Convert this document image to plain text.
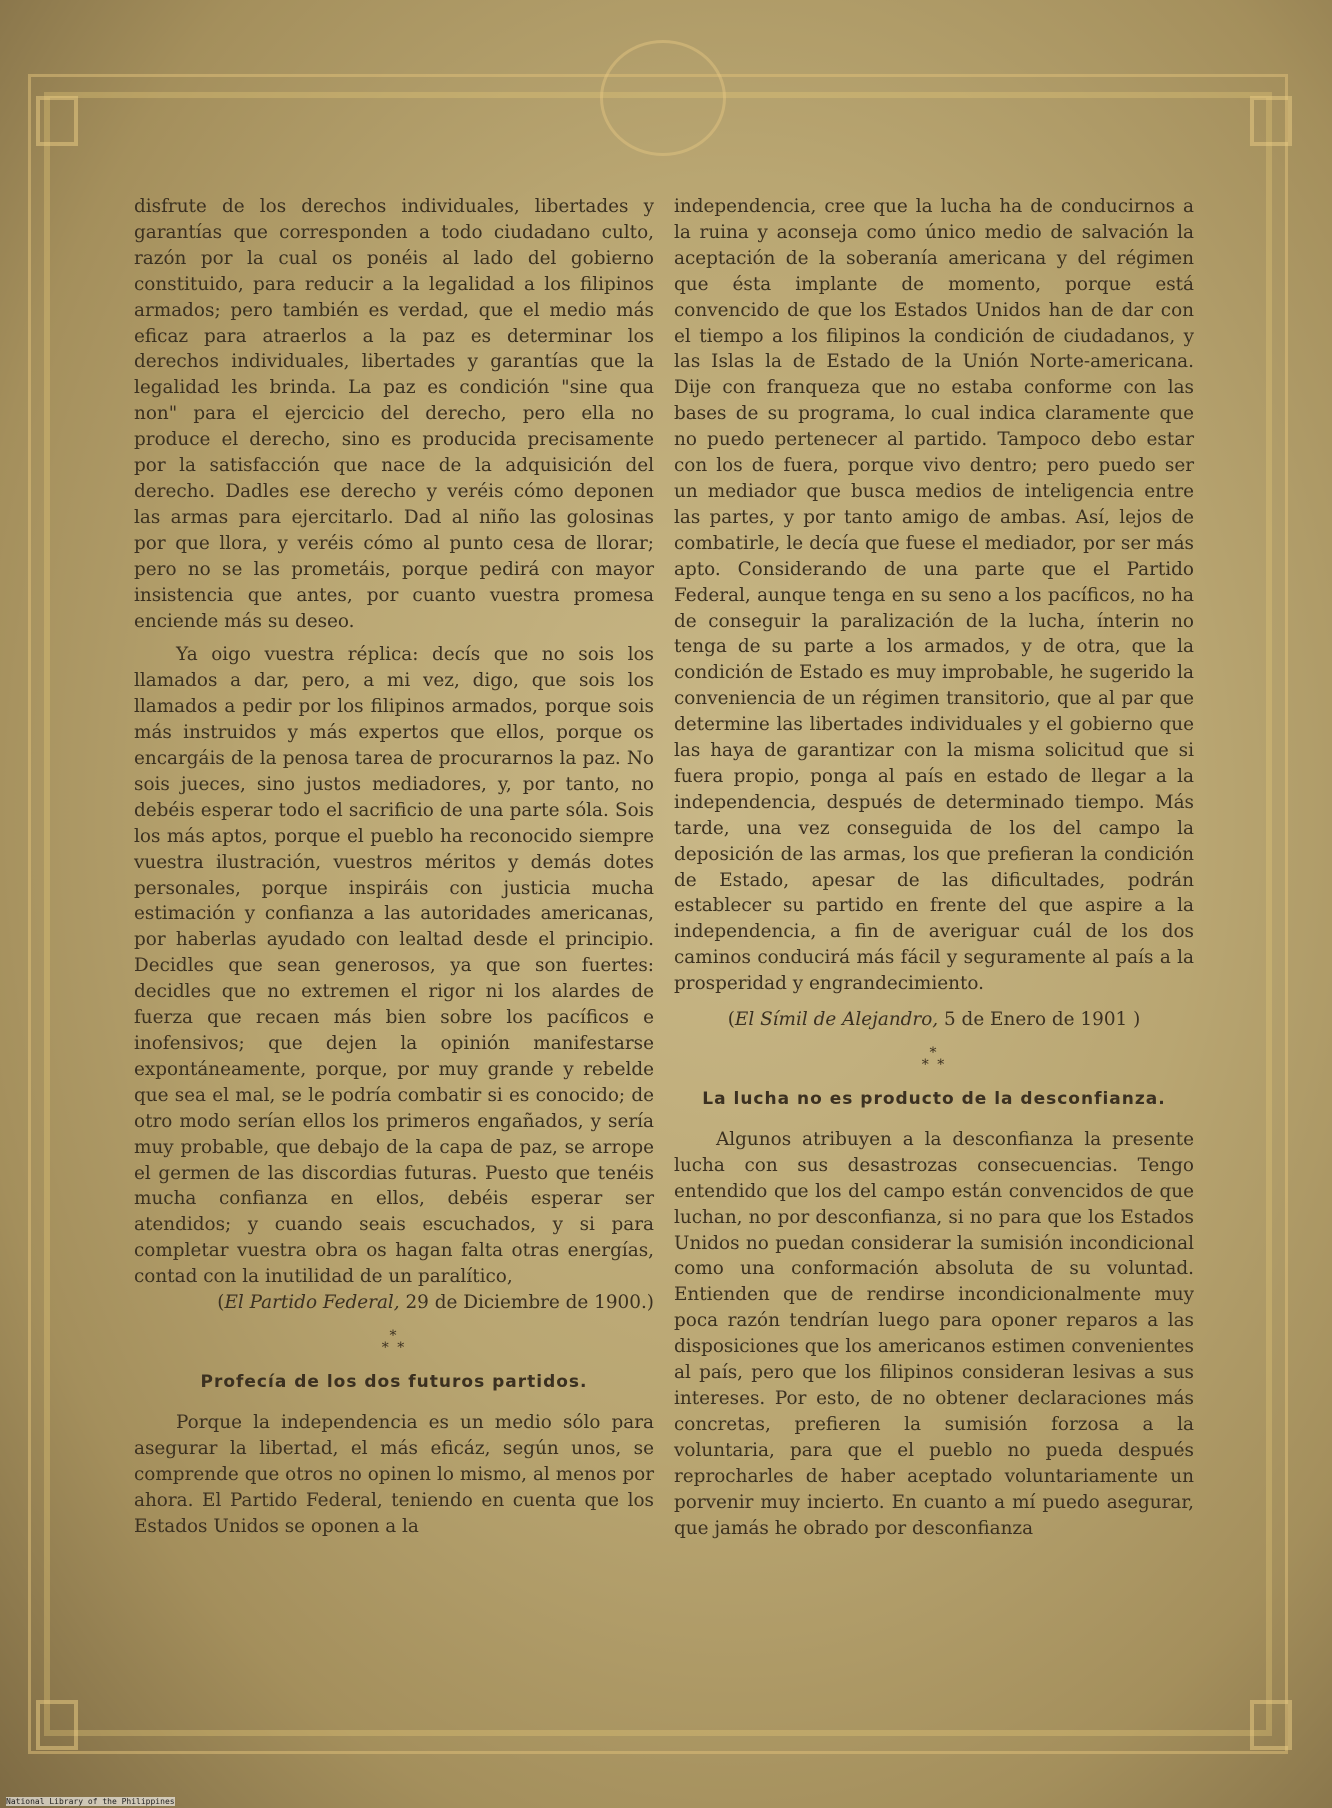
disfrute de los derechos individuales, libertades y garantías que corresponden a todo ciudadano culto, razón por la cual os ponéis al lado del gobierno constituido, para reducir a la legalidad a los filipinos armados; pero también es verdad, que el medio más eficaz para atraerlos a la paz es determinar los derechos individuales, libertades y garantías que la legalidad les brinda. La paz es condición "sine qua non" para el ejercicio del derecho, pero ella no produce el derecho, sino es producida precisamente por la satisfacción que nace de la adquisición del derecho. Dadles ese derecho y veréis cómo deponen las armas para ejercitarlo. Dad al niño las golosinas por que llora, y veréis cómo al punto cesa de llorar; pero no se las prometáis, porque pedirá con mayor insistencia que antes, por cuanto vuestra promesa enciende más su deseo.

Ya oigo vuestra réplica: decís que no sois los llamados a dar, pero, a mi vez, digo, que sois los llamados a pedir por los filipinos armados, porque sois más instruidos y más expertos que ellos, porque os encargáis de la penosa tarea de procurarnos la paz. No sois jueces, sino justos mediadores, y, por tanto, no debéis esperar todo el sacrificio de una parte sóla. Sois los más aptos, porque el pueblo ha reconocido siempre vuestra ilustración, vuestros méritos y demás dotes personales, porque inspiráis con justicia mucha estimación y confianza a las autoridades americanas, por haberlas ayudado con lealtad desde el principio. Decidles que sean generosos, ya que son fuertes: decidles que no extremen el rigor ni los alardes de fuerza que recaen más bien sobre los pacíficos e inofensivos; que dejen la opinión manifestarse expontáneamente, porque, por muy grande y rebelde que sea el mal, se le podría combatir si es conocido; de otro modo serían ellos los primeros engañados, y sería muy probable, que debajo de la capa de paz, se arrope el germen de las discordias futuras. Puesto que tenéis mucha confianza en ellos, debéis esperar ser atendidos; y cuando seais escuchados, y si para completar vuestra obra os hagan falta otras energías, contad con la inutilidad de un paralítico,

(El Partido Federal, 29 de Diciembre de 1900.)

*
* *
Profecía de los dos futuros partidos.

Porque la independencia es un medio sólo para asegurar la libertad, el más eficáz, según unos, se comprende que otros no opinen lo mismo, al menos por ahora. El Partido Federal, teniendo en cuenta que los Estados Unidos se oponen a la

independencia, cree que la lucha ha de conducirnos a la ruina y aconseja como único medio de salvación la aceptación de la soberanía americana y del régimen que ésta implante de momento, porque está convencido de que los Estados Unidos han de dar con el tiempo a los filipinos la condición de ciudadanos, y las Islas la de Estado de la Unión Norte-americana. Dije con franqueza que no estaba conforme con las bases de su programa, lo cual indica claramente que no puedo pertenecer al partido. Tampoco debo estar con los de fuera, porque vivo dentro; pero puedo ser un mediador que busca medios de inteligencia entre las partes, y por tanto amigo de ambas. Así, lejos de combatirle, le decía que fuese el mediador, por ser más apto. Considerando de una parte que el Partido Federal, aunque tenga en su seno a los pacíficos, no ha de conseguir la paralización de la lucha, ínterin no tenga de su parte a los armados, y de otra, que la condición de Estado es muy improbable, he sugerido la conveniencia de un régimen transitorio, que al par que determine las libertades individuales y el gobierno que las haya de garantizar con la misma solicitud que si fuera propio, ponga al país en estado de llegar a la independencia, después de determinado tiempo. Más tarde, una vez conseguida de los del campo la deposición de las armas, los que prefieran la condición de Estado, apesar de las dificultades, podrán establecer su partido en frente del que aspire a la independencia, a fin de averiguar cuál de los dos caminos conducirá más fácil y seguramente al país a la prosperidad y engrandecimiento.

(El Símil de Alejandro, 5 de Enero de 1901 )

*
* *
La lucha no es producto de la desconfianza.

Algunos atribuyen a la desconfianza la presente lucha con sus desastrozas consecuencias. Tengo entendido que los del campo están convencidos de que luchan, no por desconfianza, si no para que los Estados Unidos no puedan considerar la sumisión incondicional como una conformación absoluta de su voluntad. Entienden que de rendirse incondicionalmente muy poca razón tendrían luego para oponer reparos a las disposiciones que los americanos estimen convenientes al país, pero que los filipinos consideran lesivas a sus intereses. Por esto, de no obtener declaraciones más concretas, prefieren la sumisión forzosa a la voluntaria, para que el pueblo no pueda después reprocharles de haber aceptado voluntariamente un porvenir muy incierto. En cuanto a mí puedo asegurar, que jamás he obrado por desconfianza

National Library of the Philippines
